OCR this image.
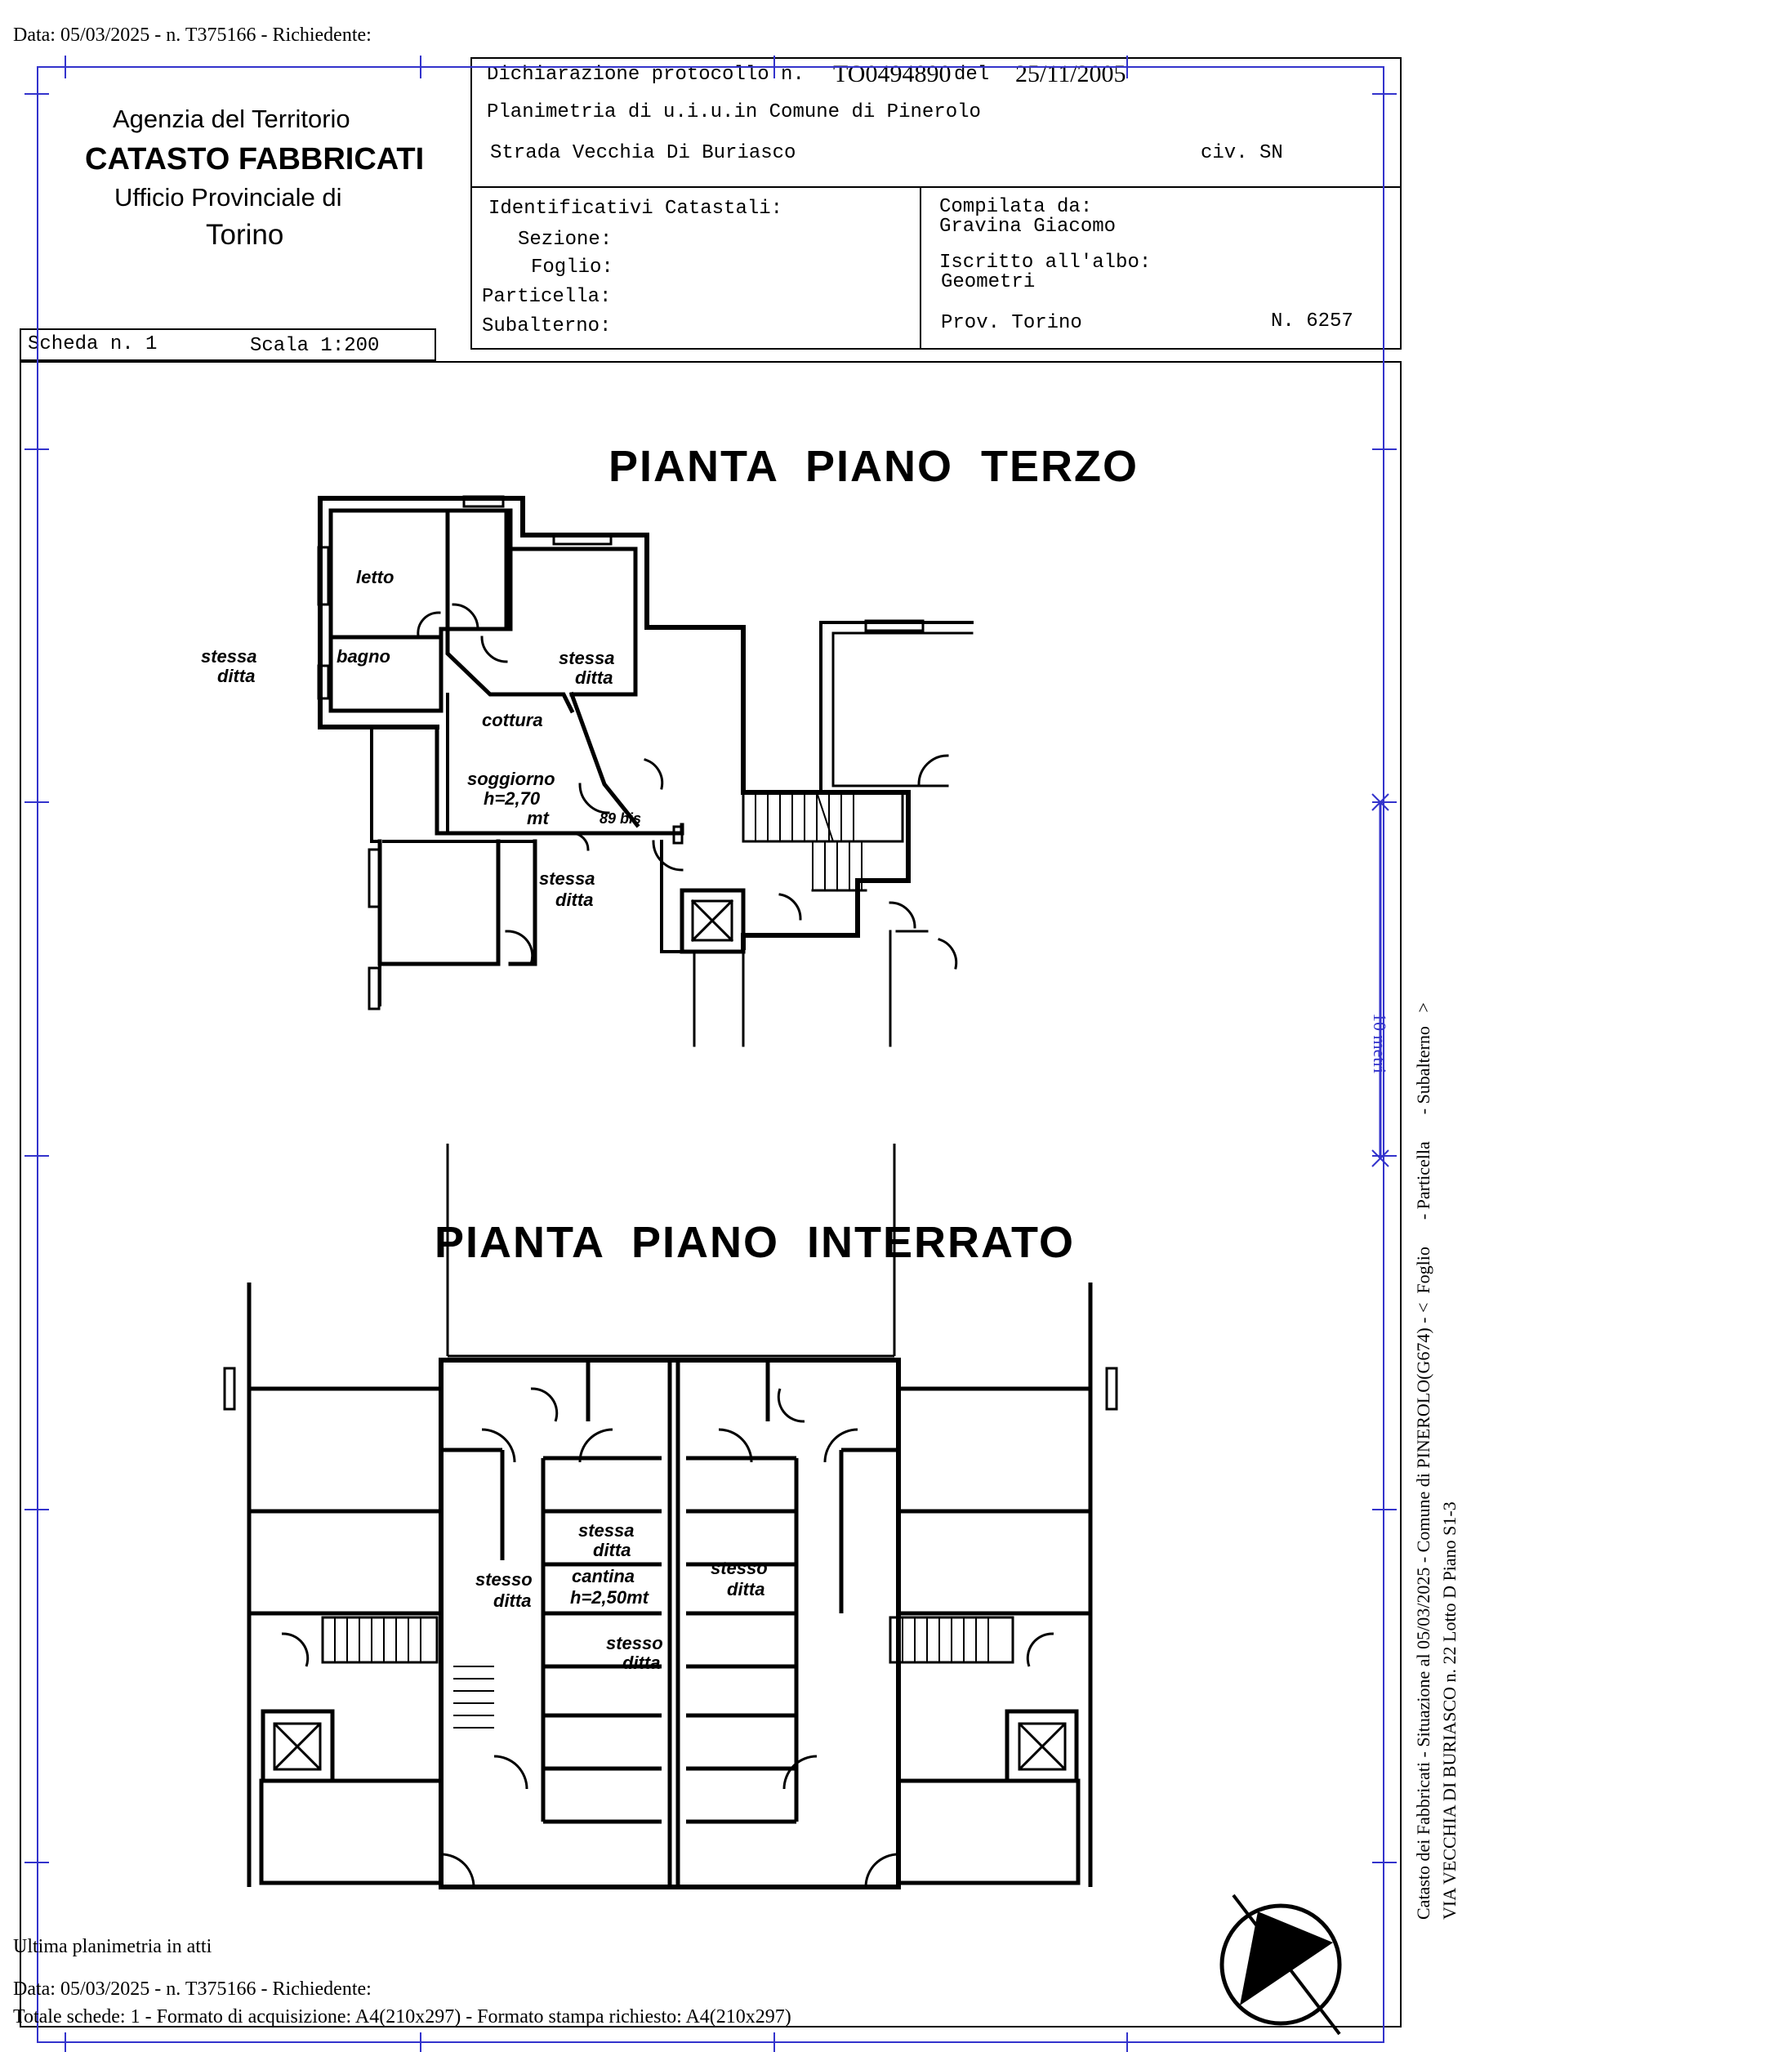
Data: 05/03/2025 - n. T375166 - Richiedente:
Agenzia del Territorio
CATASTO FABBRICATI
Ufficio Provinciale di
Torino
Scheda n. 1	Scala 1:200
Dichiarazione protocollo n. TO0494890 del 25/11/2005
Planimetria di u.i.u.in Comune di Pinerolo
Strada Vecchia Di Buriasco	civ. SN
Identificativi Catastali:
Sezione:
Foglio:
Particella:
Subalterno:
Compilata da:
Gravina Giacomo
Iscritto all'albo:
Geometri
Prov. Torino	N. 6257
PIANTA  PIANO  TERZO
PIANTA  PIANO  INTERRATO
letto
bagno
cottura
soggiorno
h=2,70
mt	89 bis
stessa
ditta
stessa
ditta
stessa
ditta
stessa
ditta
stesso
ditta
cantina
h=2,50mt
stesso
ditta
stesso
ditta
10 metri Catasto dei Fabbricati - Situazione al 05/03/2025 - Comune di PINEROLO(G674) - <  Foglio      - Particella      - Subalterno   > VIA VECCHIA DI BURIASCO n. 22 Lotto D Piano S1-3
Ultima planimetria in atti
Data: 05/03/2025 - n. T375166 - Richiedente:
Totale schede: 1 - Formato di acquisizione: A4(210x297) - Formato stampa richiesto: A4(210x297)
